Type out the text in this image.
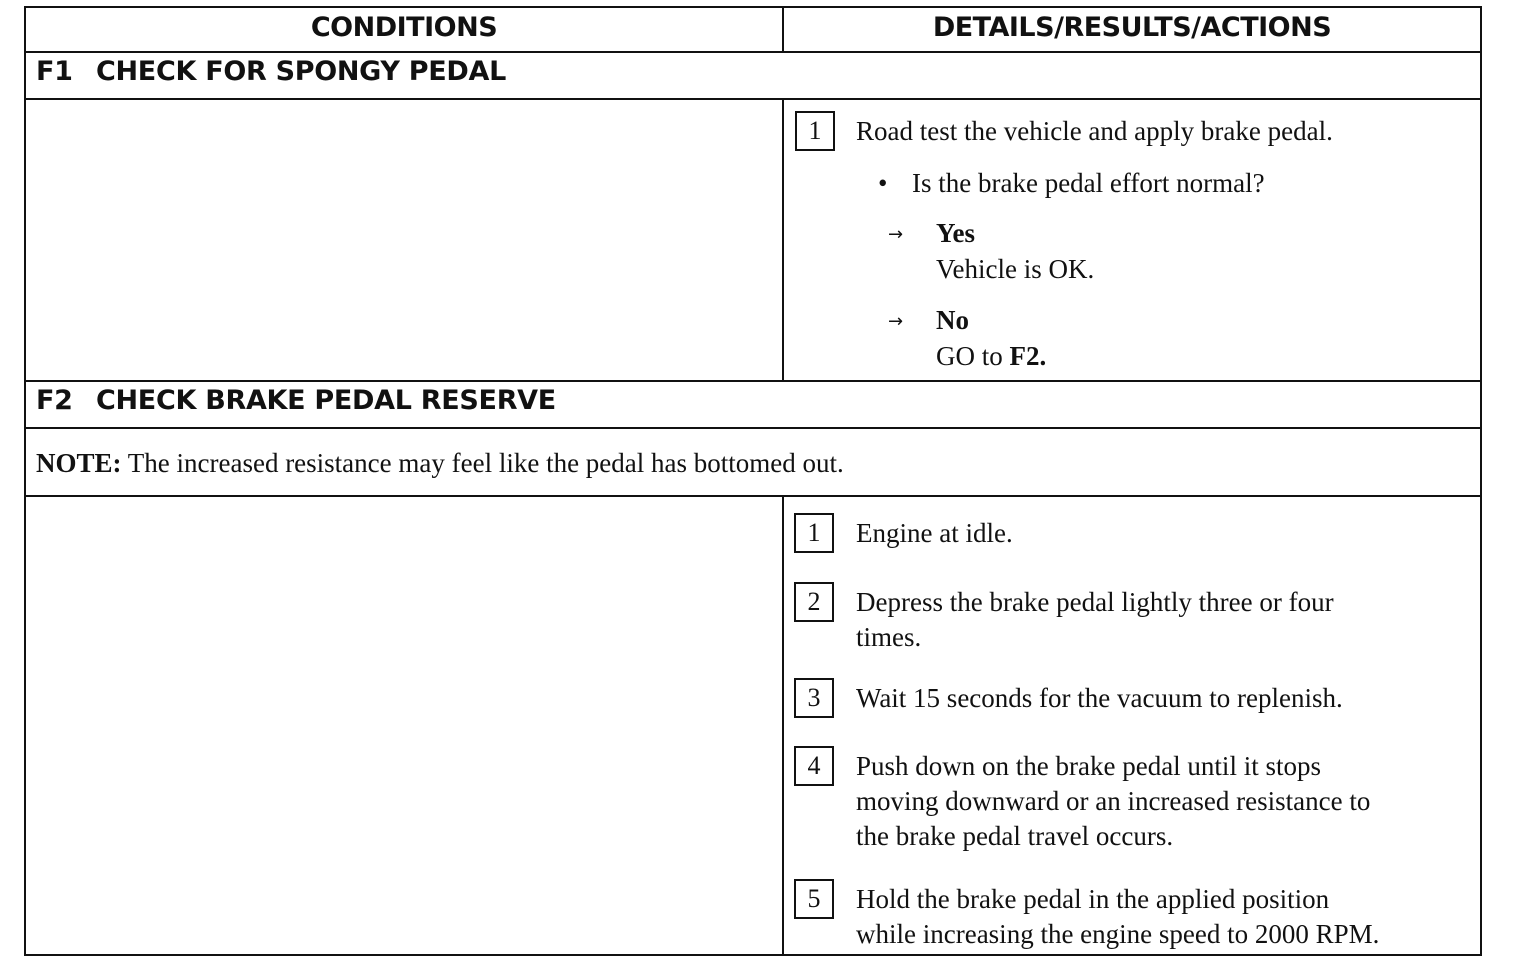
CONDITIONS	DETAILS/RESULTS/ACTIONS
F1 CHECK FOR SPONGY PEDAL
1	Road test the vehicle and apply brake pedal.
• Is the brake pedal effort normal?
→ Yes
Vehicle is OK.
→ No
GO to F2.
F2 CHECK BRAKE PEDAL RESERVE
NOTE: The increased resistance may feel like the pedal has bottomed out.
1	Engine at idle.
2	Depress the brake pedal lightly three or four
times.
3	Wait 15 seconds for the vacuum to replenish.
4	Push down on the brake pedal until it stops
moving downward or an increased resistance to
the brake pedal travel occurs.
5	Hold the brake pedal in the applied position
while increasing the engine speed to 2000 RPM.
